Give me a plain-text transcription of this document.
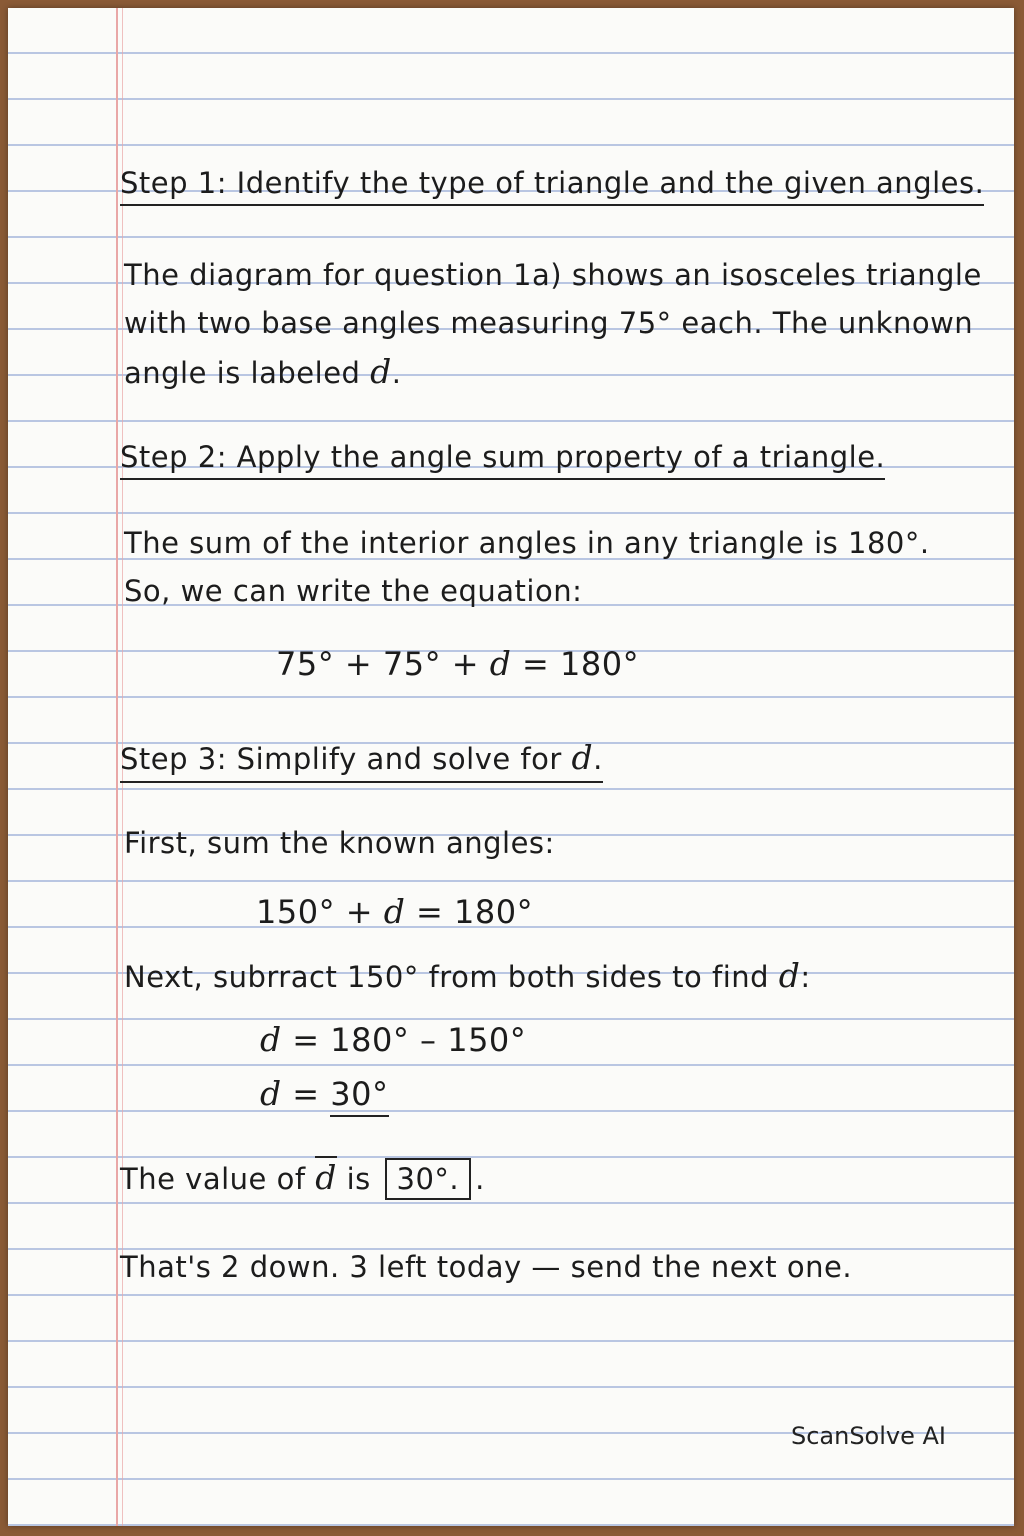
Step 1: Identify the type of triangle and the given angles.
The diagram for question 1a) shows an isosceles triangle
with two base angles measuring 75° each. The unknown
angle is labeled d.
Step 2: Apply the angle sum property of a triangle.
The sum of the interior angles in any triangle is 180°.
So, we can write the equation:
75° + 75° + d = 180°
Step 3: Simplify and solve for d.
First, sum the known angles:
150° + d = 180°
Next, subrract 150° from both sides to find d:
d = 180° – 150°
d = 30°
The value of d is 30°. .
That's 2 down. 3 left today — send the next one.
ScanSolve AI
